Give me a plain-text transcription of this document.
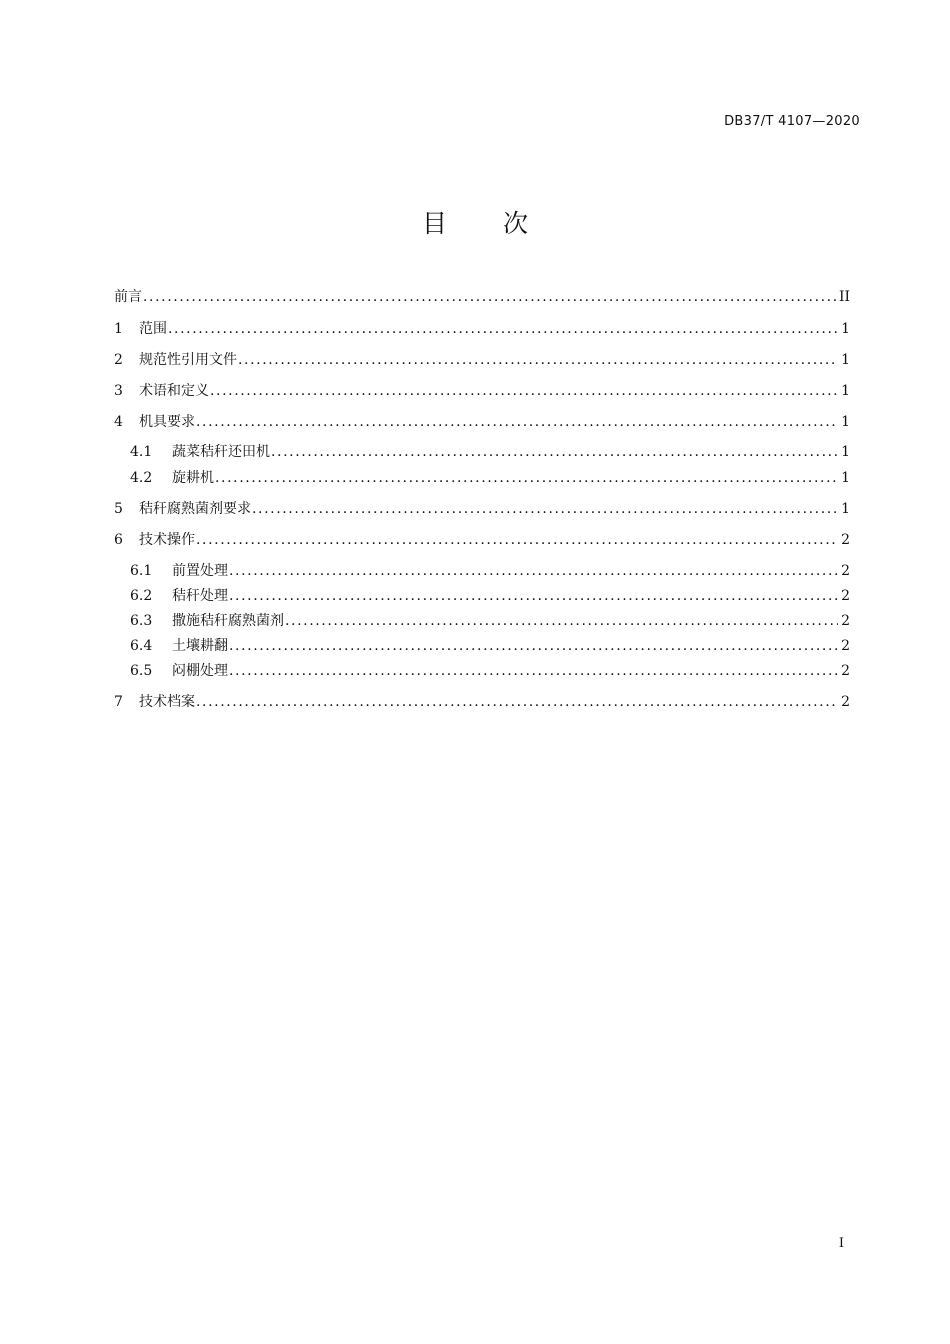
DB37/T 4107—2020
目 次
前言 .....	II
1	范围 .....	1
2	规范性引用文件 .....	1
3	术语和定义 .....	1
4	机具要求 .....	1
4.1	蔬菜秸秆还田机 .....	1
4.2	旋耕机 .....	1
5	秸秆腐熟菌剂要求 .....	1
6	技术操作 .....	2
6.1	前置处理 .....	2
6.2	秸秆处理 .....	2
6.3	撒施秸秆腐熟菌剂 .....	2
6.4	土壤耕翻 .....	2
6.5	闷棚处理 .....	2
7	技术档案 .....	2
I
